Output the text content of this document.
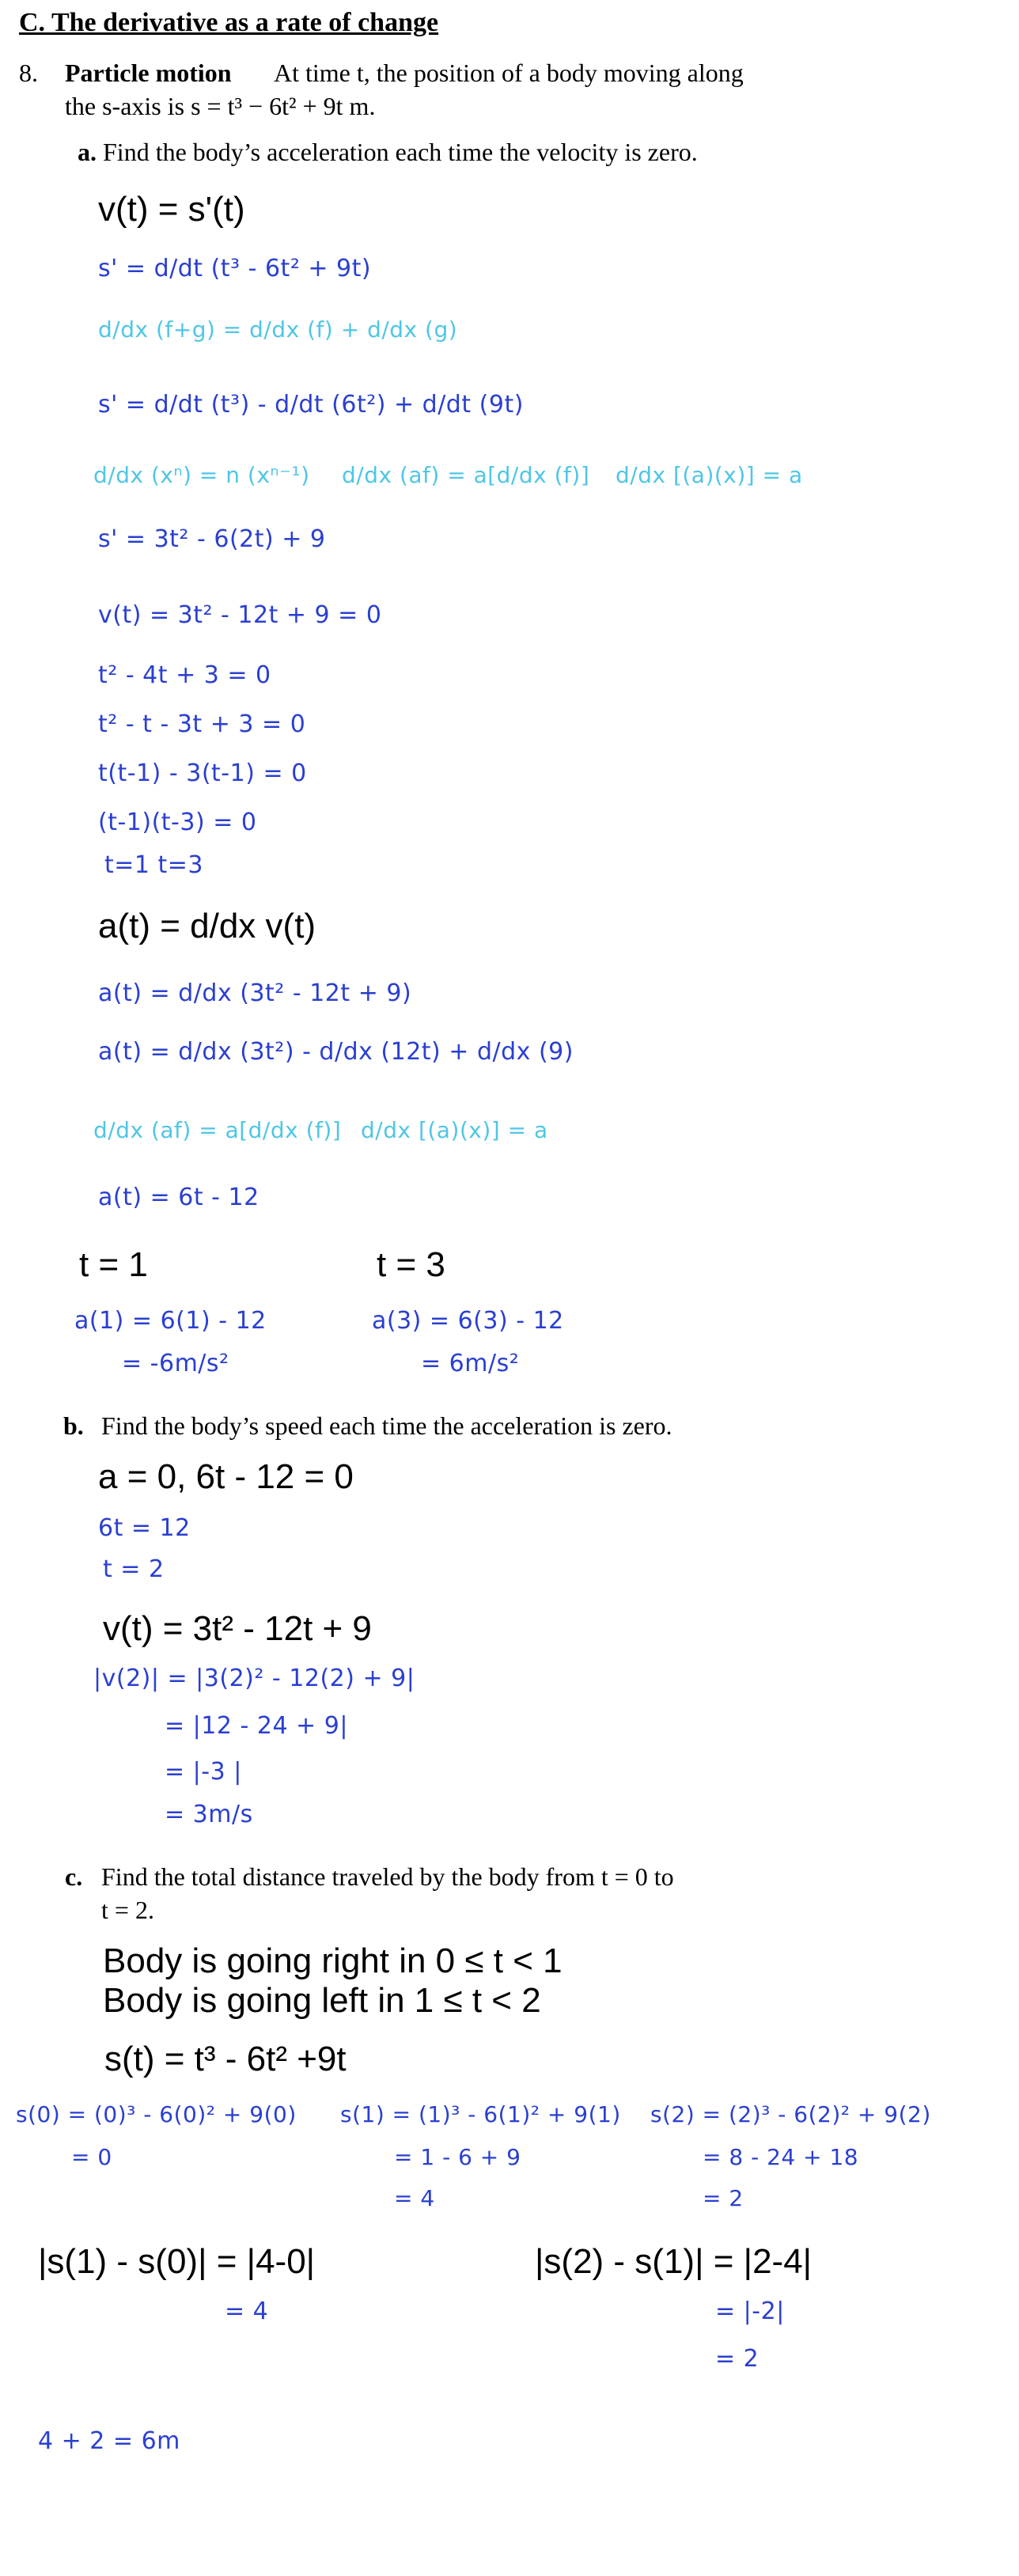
C. The derivative as a rate of change
8. Particle motion At time t, the position of a body moving along
the s-axis is s = t³ − 6t² + 9t m.
a. Find the body’s acceleration each time the velocity is zero.
v(t) = s'(t)
s' = d/dt (t³ - 6t² + 9t)
d/dx (f+g) = d/dx (f) + d/dx (g)
s' = d/dt (t³) - d/dt (6t²) + d/dt (9t)
d/dx (xⁿ) = n (xⁿ⁻¹) d/dx (af) = a[d/dx (f)] d/dx [(a)(x)] = a
s' = 3t² - 6(2t) + 9
v(t) = 3t² - 12t + 9 = 0
t² - 4t + 3 = 0
t² - t - 3t + 3 = 0
t(t-1) - 3(t-1) = 0
(t-1)(t-3) = 0
t=1 t=3
a(t) = d/dx v(t)
a(t) = d/dx (3t² - 12t + 9)
a(t) = d/dx (3t²) - d/dx (12t) + d/dx (9)
d/dx (af) = a[d/dx (f)] d/dx [(a)(x)] = a
a(t) = 6t - 12
t = 1	t = 3
a(1) = 6(1) - 12
= -6m/s²
a(3) = 6(3) - 12
= 6m/s²
b. Find the body’s speed each time the acceleration is zero.
a = 0, 6t - 12 = 0
6t = 12
t = 2
v(t) = 3t² - 12t + 9
|v(2)| = |3(2)² - 12(2) + 9|
= |12 - 24 + 9|
= |-3 |
= 3m/s
c. Find the total distance traveled by the body from t = 0 to
t = 2.
Body is going right in 0 ≤ t < 1
Body is going left in 1 ≤ t < 2
s(t) = t³ - 6t² +9t
s(0) = (0)³ - 6(0)² + 9(0)
= 0
s(1) = (1)³ - 6(1)² + 9(1)
= 1 - 6 + 9
= 4
s(2) = (2)³ - 6(2)² + 9(2)
= 8 - 24 + 18
= 2
|s(1) - s(0)| = |4-0|
= 4
|s(2) - s(1)| = |2-4|
= |-2|
= 2
4 + 2 = 6m
